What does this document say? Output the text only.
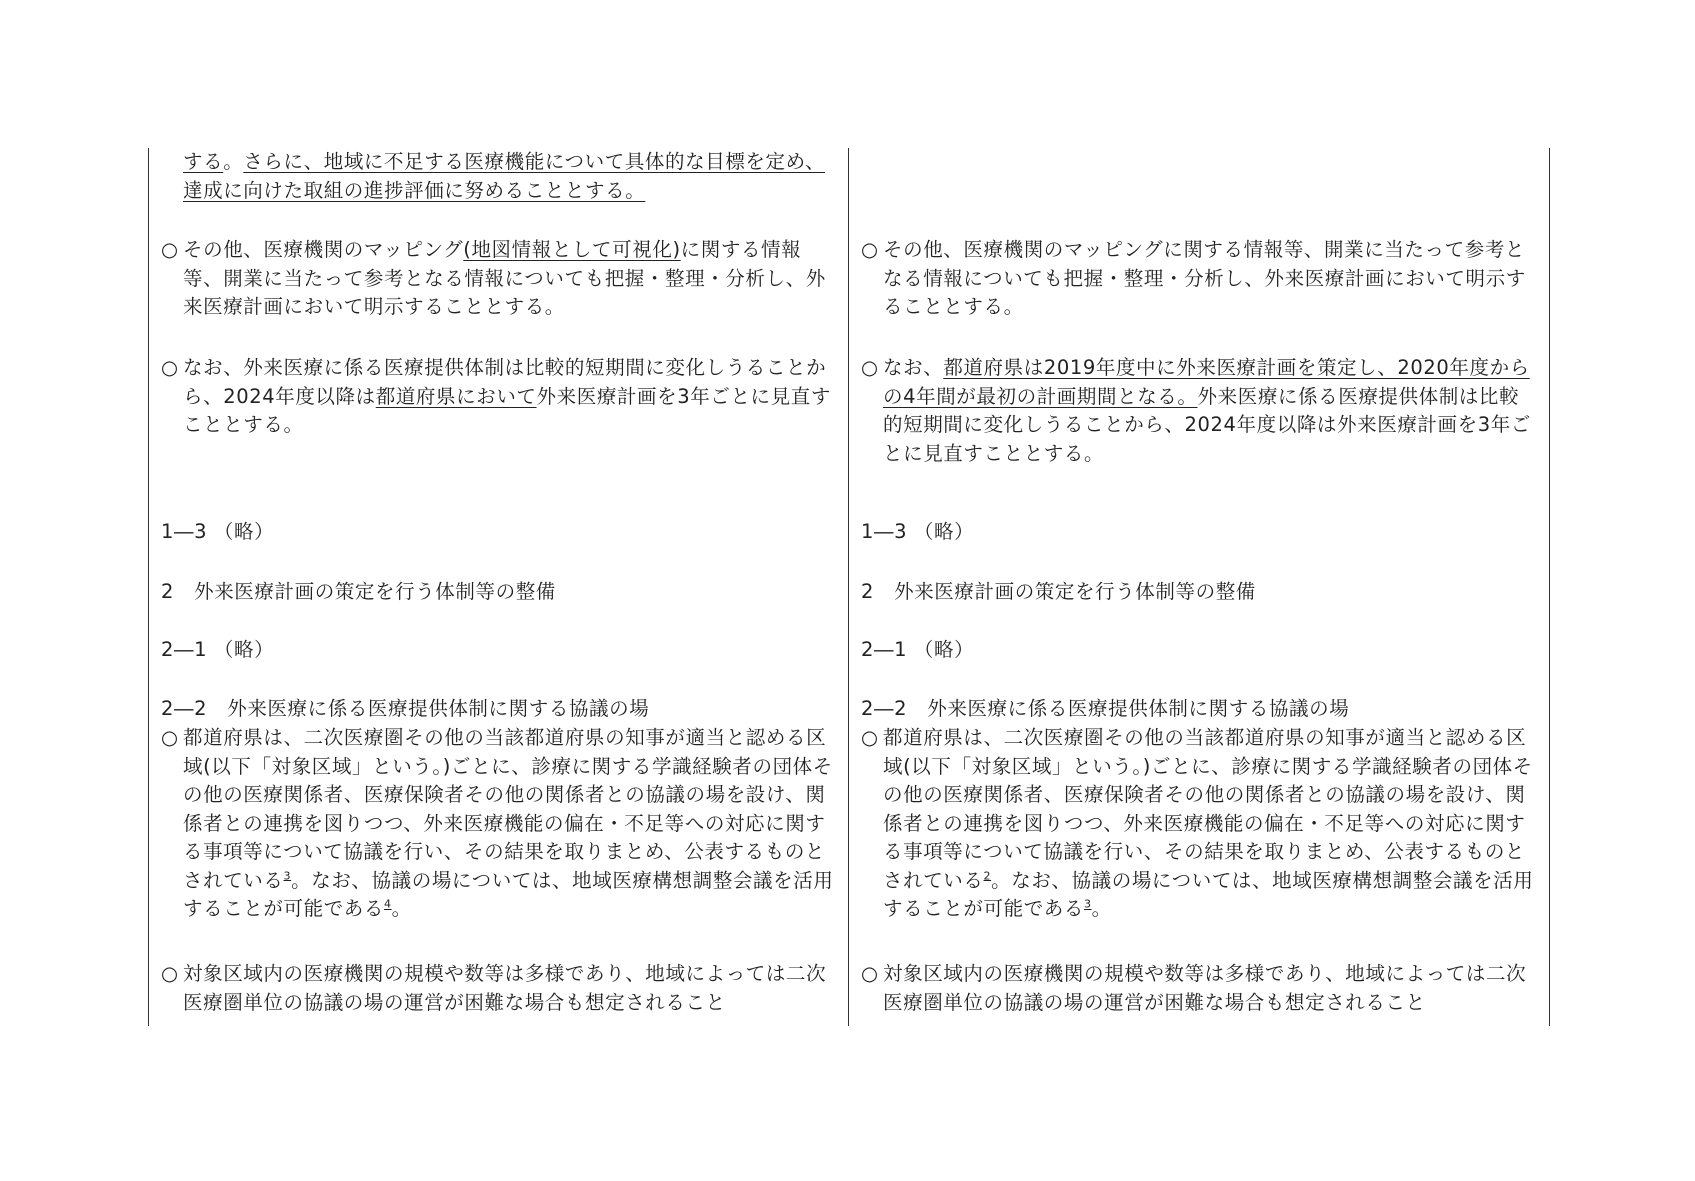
する。さらに、地域に不足する医療機能について具体的な目標を定め、達成に向けた取組の進捗評価に努めることとする。

○ その他、医療機関のマッピング(地図情報として可視化)に関する情報等、開業に当たって参考となる情報についても把握・整理・分析し、外来医療計画において明示することとする。

○ なお、外来医療に係る医療提供体制は比較的短期間に変化しうることから、2024年度以降は都道府県において外来医療計画を3年ごとに見直すこととする。

1―3 （略）

2　外来医療計画の策定を行う体制等の整備

2―1 （略）

2―2　外来医療に係る医療提供体制に関する協議の場

○ 都道府県は、二次医療圏その他の当該都道府県の知事が適当と認める区域(以下「対象区域」という。)ごとに、診療に関する学識経験者の団体その他の医療関係者、医療保険者その他の関係者との協議の場を設け、関係者との連携を図りつつ、外来医療機能の偏在・不足等への対応に関する事項等について協議を行い、その結果を取りまとめ、公表するものとされている$^3$。なお、協議の場については、地域医療構想調整会議を活用することが可能である$^4$。

○ 対象区域内の医療機関の規模や数等は多様であり、地域によっては二次医療圏単位の協議の場の運営が困難な場合も想定されること

○ その他、医療機関のマッピングに関する情報等、開業に当たって参考となる情報についても把握・整理・分析し、外来医療計画において明示することとする。

○ なお、都道府県は2019年度中に外来医療計画を策定し、2020年度からの4年間が最初の計画期間となる。外来医療に係る医療提供体制は比較的短期間に変化しうることから、2024年度以降は外来医療計画を3年ごとに見直すこととする。

1―3 （略）

2　外来医療計画の策定を行う体制等の整備

2―1 （略）

2―2　外来医療に係る医療提供体制に関する協議の場

○ 都道府県は、二次医療圏その他の当該都道府県の知事が適当と認める区域(以下「対象区域」という。)ごとに、診療に関する学識経験者の団体その他の医療関係者、医療保険者その他の関係者との協議の場を設け、関係者との連携を図りつつ、外来医療機能の偏在・不足等への対応に関する事項等について協議を行い、その結果を取りまとめ、公表するものとされている$^2$。なお、協議の場については、地域医療構想調整会議を活用することが可能である$^3$。

○ 対象区域内の医療機関の規模や数等は多様であり、地域によっては二次医療圏単位の協議の場の運営が困難な場合も想定されること
